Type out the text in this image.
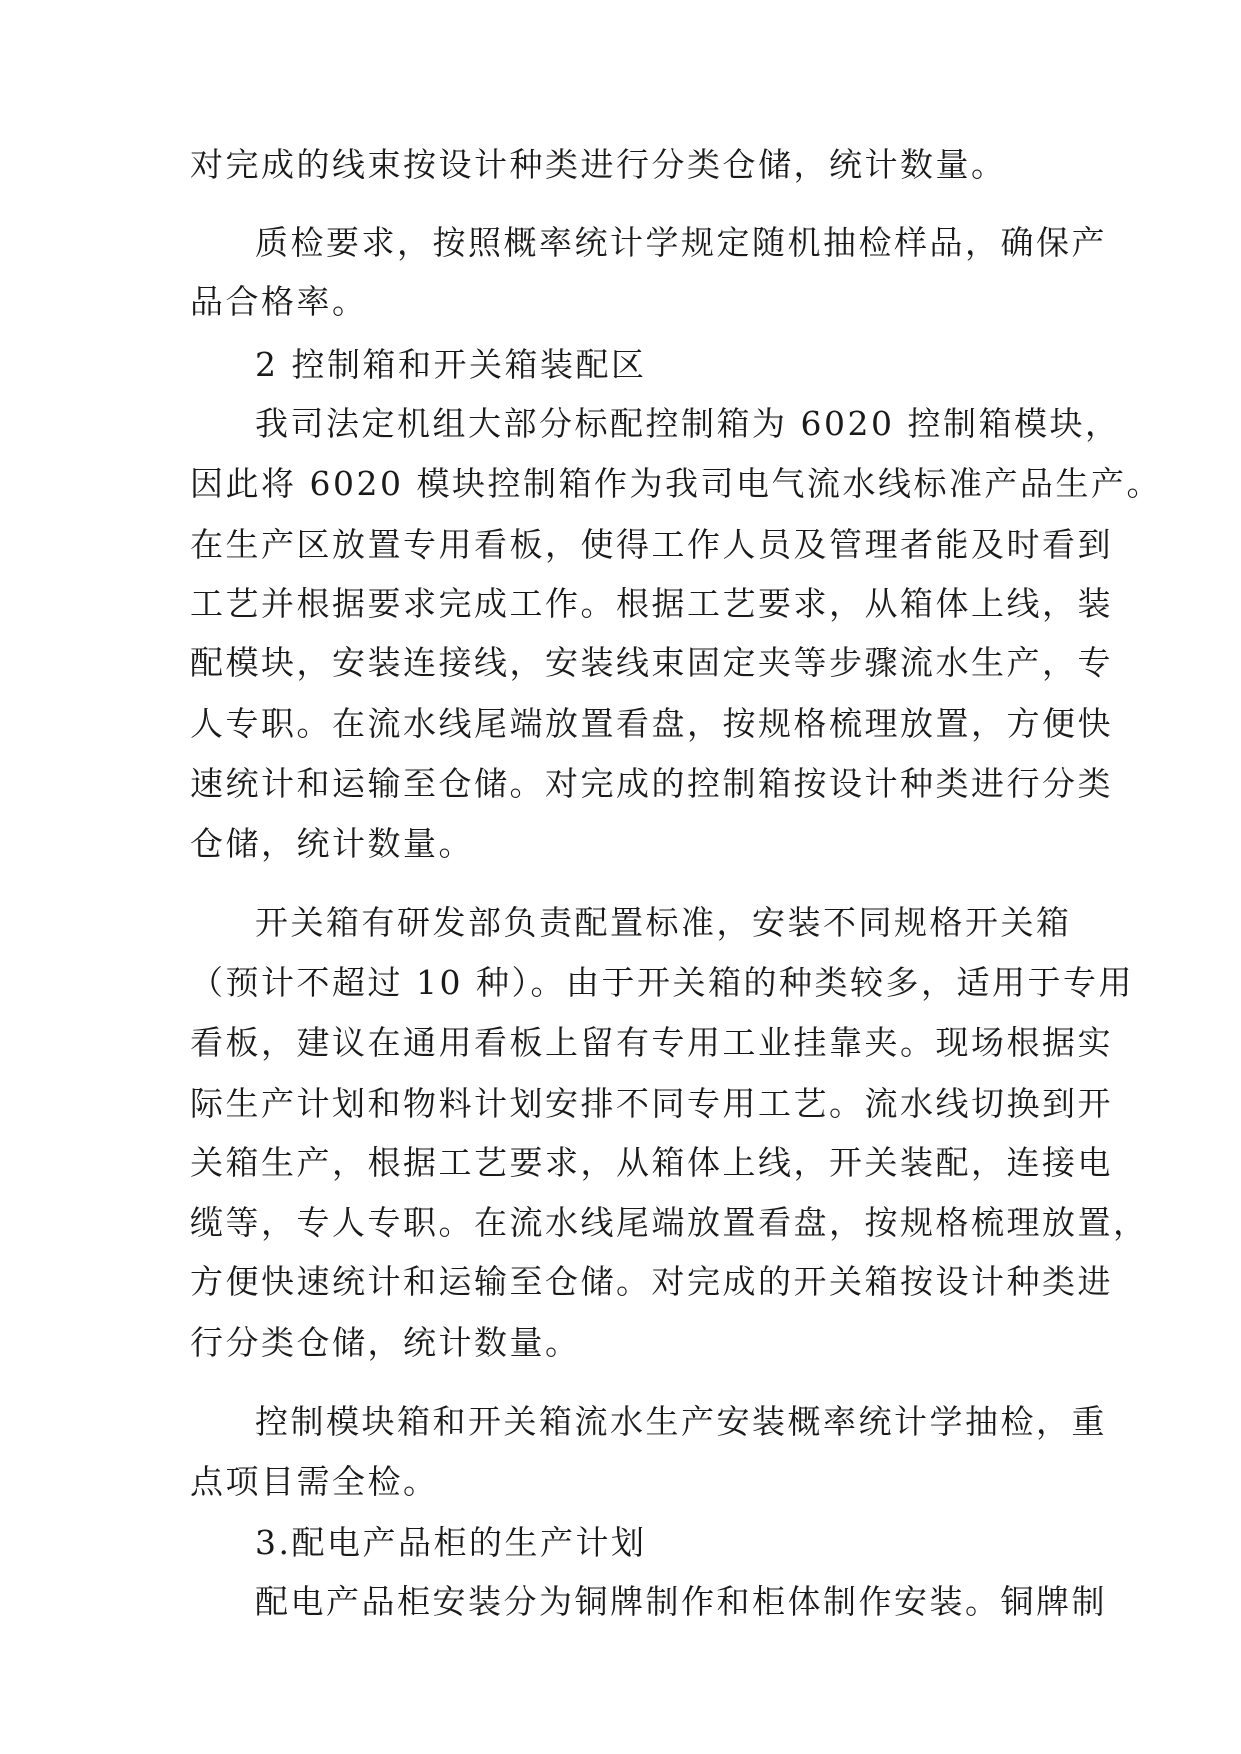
对完成的线束按设计种类进行分类仓储，统计数量。
质检要求，按照概率统计学规定随机抽检样品，确保产
品合格率。
2 控制箱和开关箱装配区
我司法定机组大部分标配控制箱为 6020 控制箱模块，
因此将 6020 模块控制箱作为我司电气流水线标准产品生产。
在生产区放置专用看板，使得工作人员及管理者能及时看到
工艺并根据要求完成工作。根据工艺要求，从箱体上线，装
配模块，安装连接线，安装线束固定夹等步骤流水生产，专
人专职。在流水线尾端放置看盘，按规格梳理放置，方便快
速统计和运输至仓储。对完成的控制箱按设计种类进行分类
仓储，统计数量。
开关箱有研发部负责配置标准，安装不同规格开关箱
（预计不超过 10 种）。由于开关箱的种类较多，适用于专用
看板，建议在通用看板上留有专用工业挂靠夹。现场根据实
际生产计划和物料计划安排不同专用工艺。流水线切换到开
关箱生产，根据工艺要求，从箱体上线，开关装配，连接电
缆等，专人专职。在流水线尾端放置看盘，按规格梳理放置，
方便快速统计和运输至仓储。对完成的开关箱按设计种类进
行分类仓储，统计数量。
控制模块箱和开关箱流水生产安装概率统计学抽检，重
点项目需全检。
3.配电产品柜的生产计划
配电产品柜安装分为铜牌制作和柜体制作安装。铜牌制
